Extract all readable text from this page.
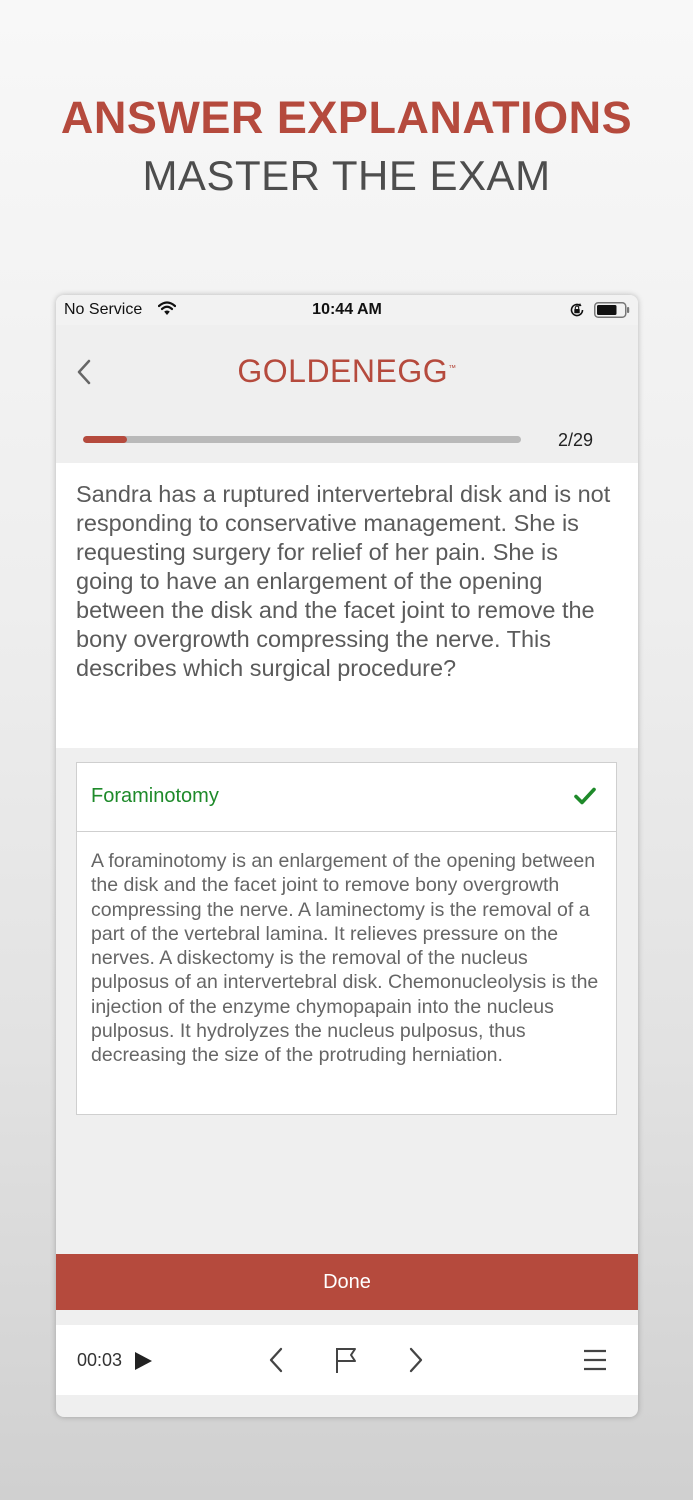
ANSWER EXPLANATIONS
MASTER THE EXAM
No Service	10:44 AM
GOLDENEGG™
2/29
Sandra has a ruptured intervertebral disk and is not responding to conservative management. She is requesting surgery for relief of her pain. She is going to have an enlargement of the opening between the disk and the facet joint to remove the bony overgrowth compressing the nerve. This describes which surgical procedure?
Foraminotomy
A foraminotomy is an enlargement of the opening between the disk and the facet joint to remove bony overgrowth compressing the nerve. A laminectomy is the removal of a part of the vertebral lamina. It relieves pressure on the nerves. A diskectomy is the removal of the nucleus pulposus of an intervertebral disk. Chemonucleolysis is the injection of the enzyme chymopapain into the nucleus pulposus. It hydrolyzes the nucleus pulposus, thus decreasing the size of the protruding herniation.
Done
00:03
